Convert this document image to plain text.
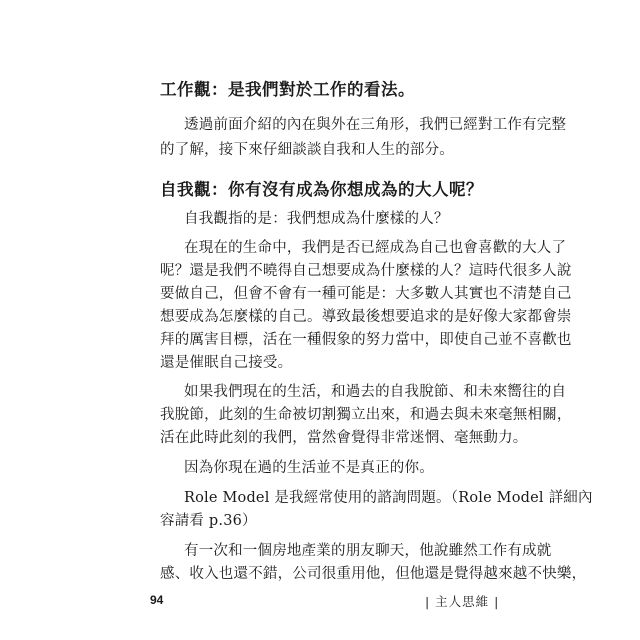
工作觀：是我們對於工作的看法。
透過前面介紹的內在與外在三角形，我們已經對工作有完整
的了解，接下來仔細談談自我和人生的部分。
自我觀：你有沒有成為你想成為的大人呢？
自我觀指的是：我們想成為什麼樣的人？
在現在的生命中，我們是否已經成為自己也會喜歡的大人了
呢？還是我們不曉得自己想要成為什麼樣的人？這時代很多人說
要做自己，但會不會有一種可能是：大多數人其實也不清楚自己
想要成為怎麼樣的自己。導致最後想要追求的是好像大家都會崇
拜的厲害目標，活在一種假象的努力當中，即使自己並不喜歡也
還是催眠自己接受。
如果我們現在的生活，和過去的自我脫節、和未來嚮往的自
我脫節，此刻的生命被切割獨立出來，和過去與未來毫無相關，
活在此時此刻的我們，當然會覺得非常迷惘、毫無動力。
因為你現在過的生活並不是真正的你。
Role Model 是我經常使用的諮詢問題。（Role Model 詳細內
容請看 p.36）
有一次和一個房地產業的朋友聊天，他說雖然工作有成就
感、收入也還不錯，公司很重用他，但他還是覺得越來越不快樂，
94	| 主人思維 |
